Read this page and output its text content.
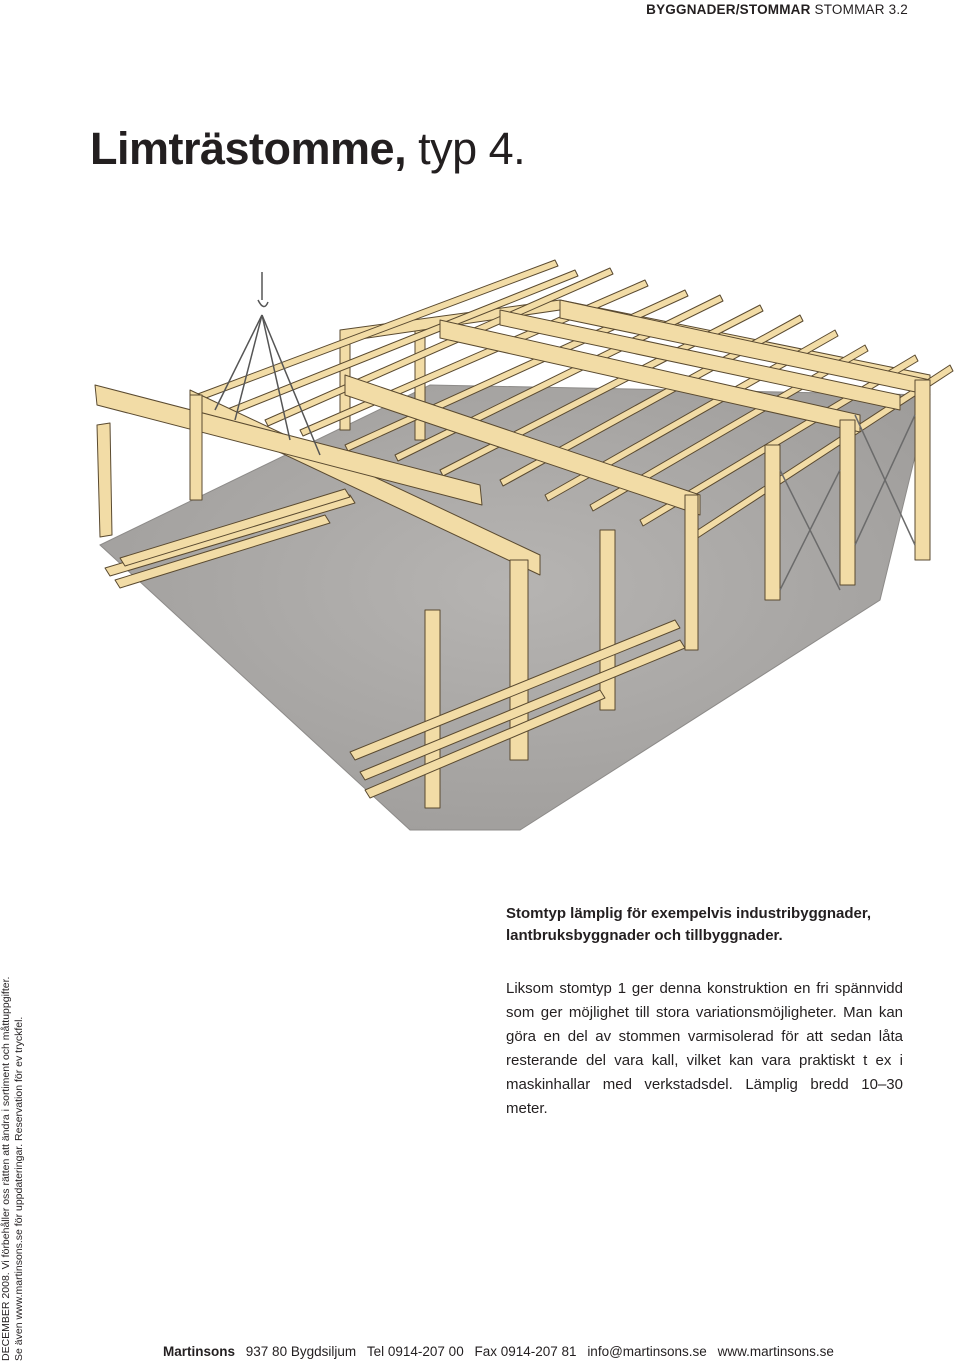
BYGGNADER/STOMMAR STOMMAR 3.2
Limträstomme, typ 4.

Stomtyp lämplig för exempelvis industribyggnader, lantbruksbyggnader och tillbyggnader.

Liksom stomtyp 1 ger denna konstruktion en fri spännvidd som ger möjlighet till stora variationsmöjligheter. Man kan göra en del av stommen varmisolerad för att sedan låta resterande del vara kall, vilket kan vara praktiskt t ex i maskinhallar med verkstadsdel. Lämplig bredd 10–30 meter.

DECEMBER 2008. Vi förbehåller oss rätten att ändra i sortiment och måttuppgifter. Se även www.martinsons.se för uppdateringar. Reservation för ev tryckfel.	Martinsons 937 80 Bygdsiljum Tel 0914-207 00 Fax 0914-207 81 info@martinsons.se www.martinsons.se
